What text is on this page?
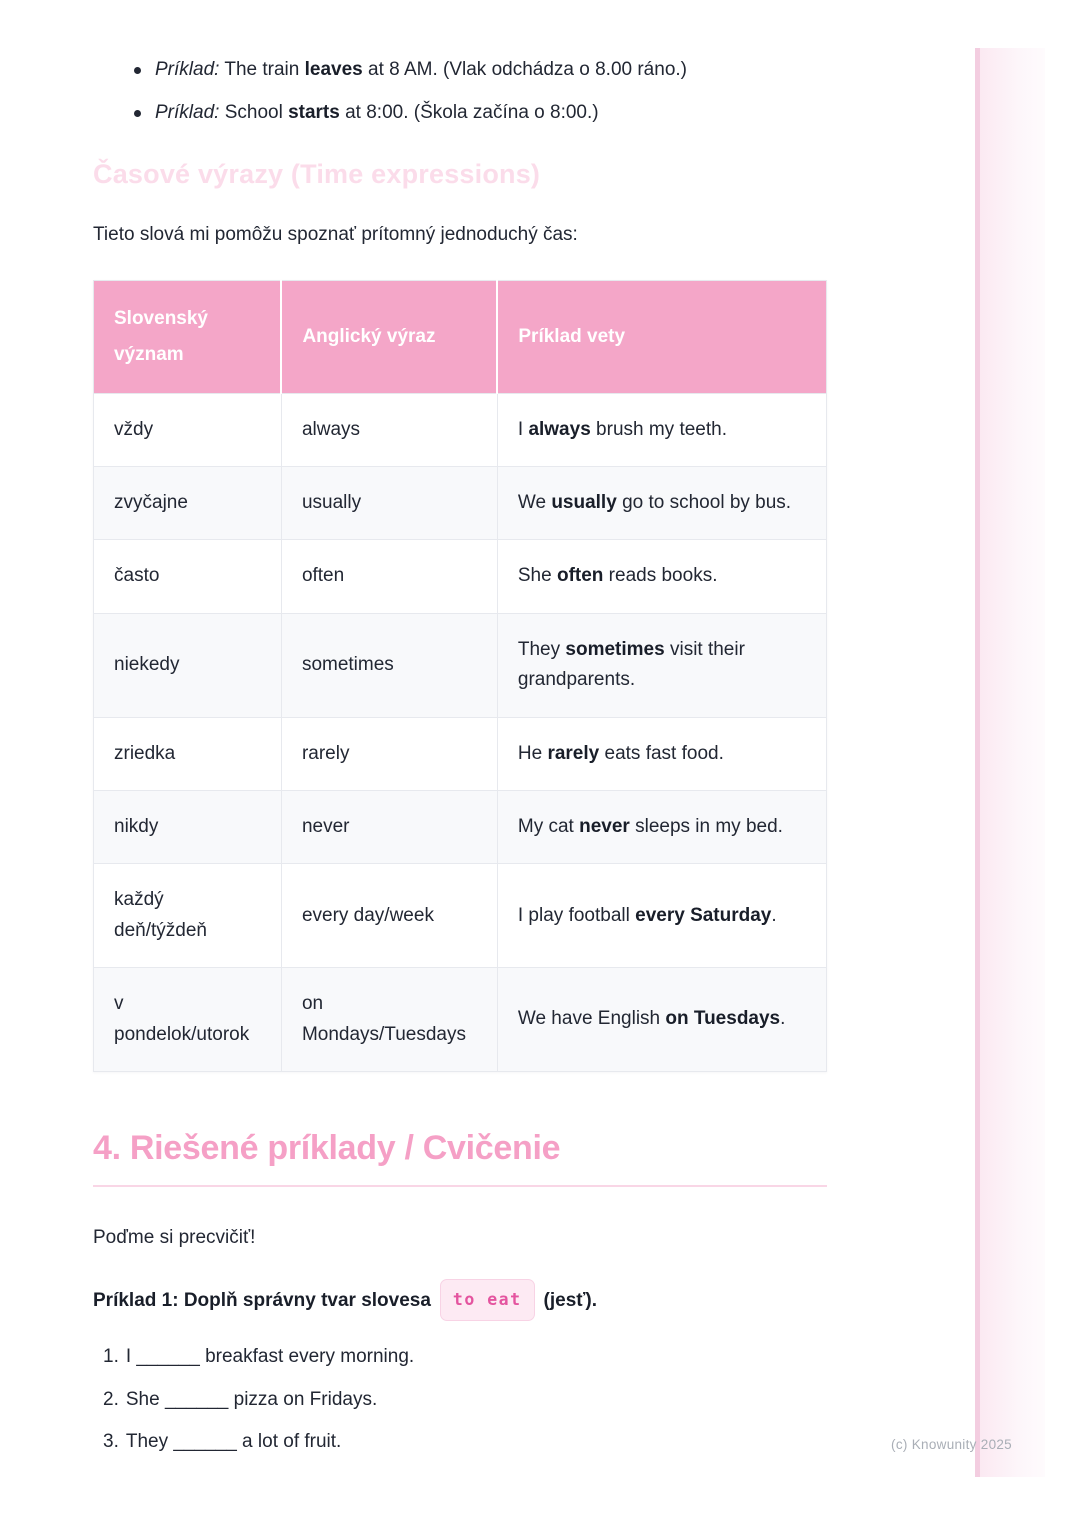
Príklad: The train leaves at 8 AM. (Vlak odchádza o 8.00 ráno.)
Príklad: School starts at 8:00. (Škola začína o 8:00.)
Časové výrazy (Time expressions)

Tieto slová mi pomôžu spoznať prítomný jednoduchý čas:

Slovenský význam	Anglický výraz	Príklad vety
vždy	always	I always brush my teeth.
zvyčajne	usually	We usually go to school by bus.
často	often	She often reads books.
niekedy	sometimes	They sometimes visit their grandparents.
zriedka	rarely	He rarely eats fast food.
nikdy	never	My cat never sleeps in my bed.
každý deň/týždeň	every day/week	I play football every Saturday.
v pondelok/utorok	on Mondays/Tuesdays	We have English on Tuesdays.
4. Riešené príklady / Cvičenie

Poďme si precvičiť!

Príklad 1: Doplň správny tvar slovesa to eat (jesť).

1. I ______ breakfast every morning.
2. She ______ pizza on Fridays.
3. They ______ a lot of fruit.	(c) Knowunity 2025
